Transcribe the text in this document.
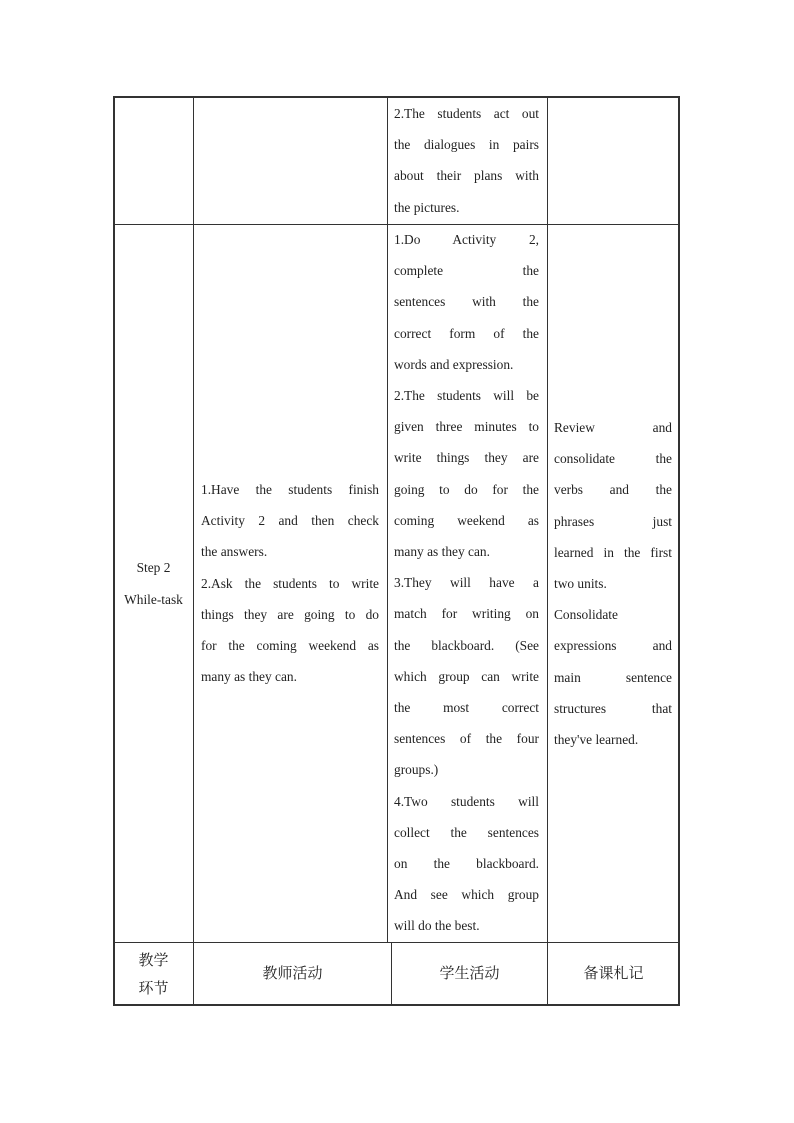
2.The students act out
the dialogues in pairs
about their plans with
the pictures.
Step 2
While-task
1.Have the students finish
Activity 2 and then check
the answers.
2.Ask the students to write
things they are going to do
for the coming weekend as
many as they can.
1.Do Activity 2,
complete the
sentences with the
correct form of the
words and expression.
2.The students will be
given three minutes to
write things they are
going to do for the
coming weekend as
many as they can.
3.They will have a
match for writing on
the blackboard. (See
which group can write
the most correct
sentences of the four
groups.)
4.Two students will
collect the sentences
on the blackboard.
And see which group
will do the best.
Review and
consolidate the
verbs and the
phrases just
learned in the first
two units.
Consolidate
expressions and
main sentence
structures that
they've learned.
教学
环节
教师活动	学生活动	备课札记
